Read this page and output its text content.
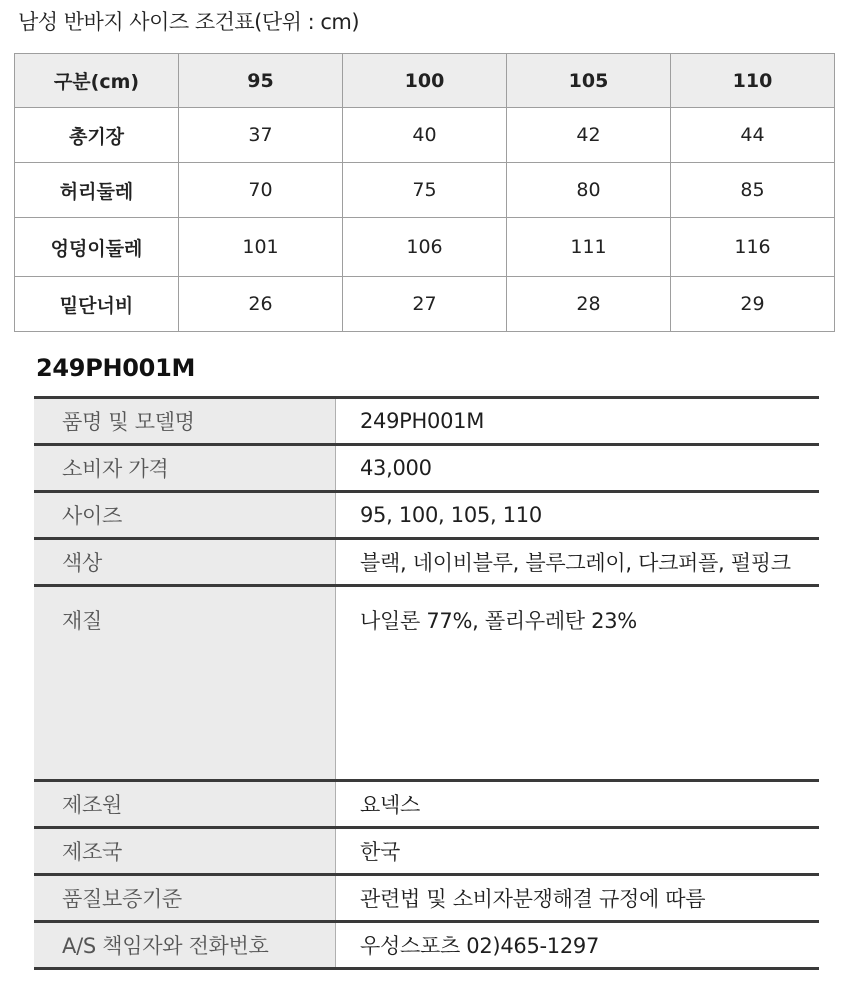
남성 반바지 사이즈 조건표(단위 : cm)
구분(cm)	95	100	105	110
총기장	37	40	42	44
허리둘레	70	75	80	85
엉덩이둘레	101	106	111	116
밑단너비	26	27	28	29
249PH001M
품명 및 모델명	249PH001M
소비자 가격	43,000
사이즈	95, 100, 105, 110
색상	블랙, 네이비블루, 블루그레이, 다크퍼플, 펄핑크
재질	나일론 77%, 폴리우레탄 23%
제조원	요넥스
제조국	한국
품질보증기준	관련법 및 소비자분쟁해결 규정에 따름
A/S 책임자와 전화번호	우성스포츠 02)465-1297
